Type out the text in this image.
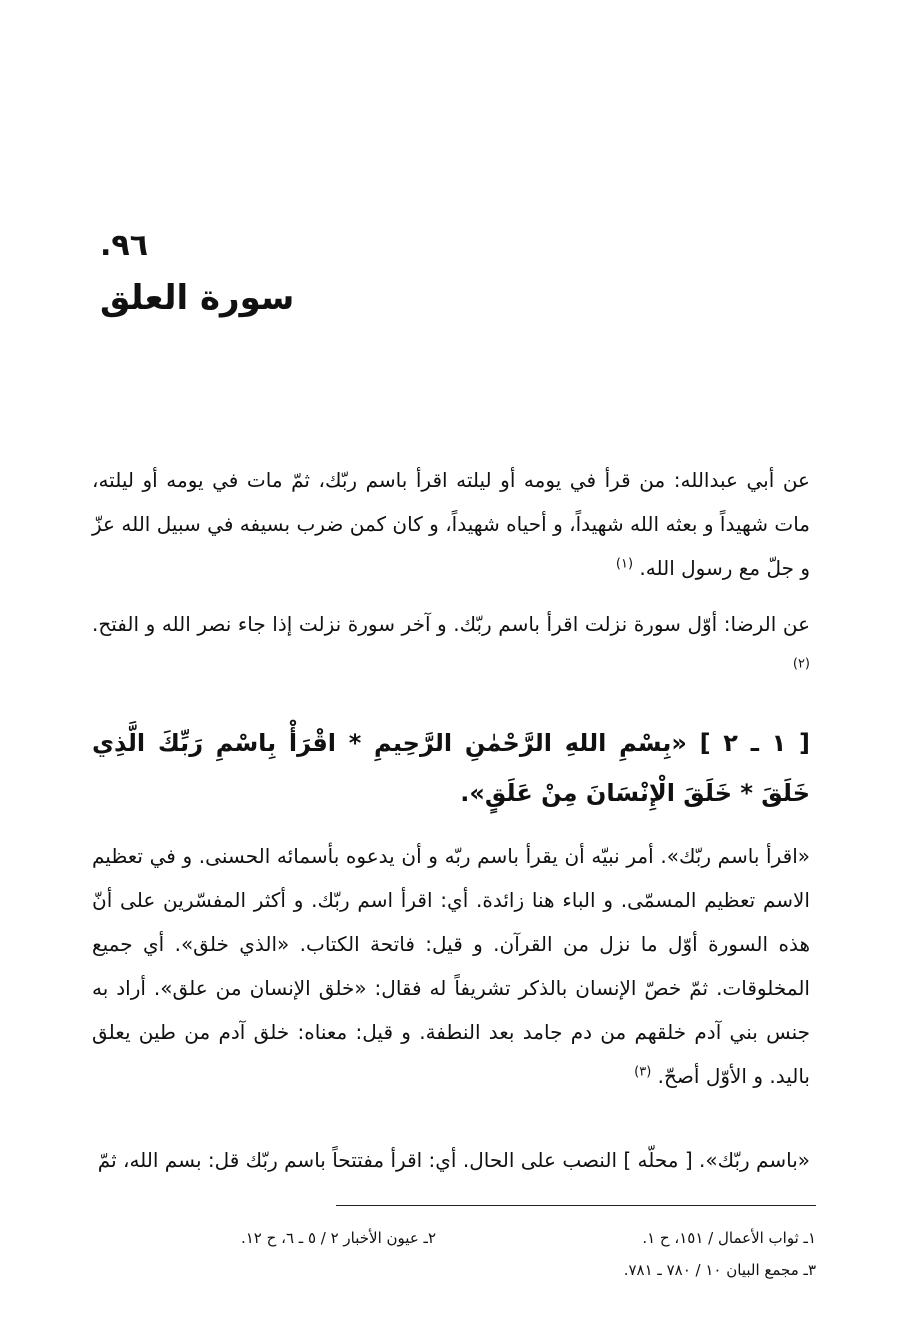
٩٦.
سورة العلق
عن أبي عبدالله: من قرأ في يومه أو ليلته اقرأ باسم ربّك، ثمّ مات في يومه أو ليلته، مات شهيداً و بعثه الله شهيداً، و أحياه شهيداً، و كان كمن ضرب بسيفه في سبيل الله عزّ و جلّ مع رسول الله. $^{(١)}$
عن الرضا: أوّل سورة نزلت اقرأ باسم ربّك. و آخر سورة نزلت إذا جاء نصر الله و الفتح. $^{(٢)}$
[ ١ ـ ٢ ] «بِسْمِ اللهِ الرَّحْمٰنِ الرَّحِيمِ * اقْرَأْ بِاسْمِ رَبِّكَ الَّذِي خَلَقَ * خَلَقَ الْإِنْسَانَ مِنْ عَلَقٍ».
«اقرأ باسم ربّك». أمر نبيّه أن يقرأ باسم ربّه و أن يدعوه بأسمائه الحسنى. و في تعظيم الاسم تعظيم المسمّى. و الباء هنا زائدة. أي: اقرأ اسم ربّك. و أكثر المفسّرين على أنّ هذه السورة أوّل ما نزل من القرآن. و قيل: فاتحة الكتاب. «الذي خلق». أي جميع المخلوقات. ثمّ خصّ الإنسان بالذكر تشريفاً له فقال: «خلق الإنسان من علق». أراد به جنس بني آدم خلقهم من دم جامد بعد النطفة. و قيل: معناه: خلق آدم من طين يعلق باليد. و الأوّل أصحّ. $^{(٣)}$
«باسم ربّك». [ محلّه ] النصب على الحال. أي: اقرأ مفتتحاً باسم ربّك قل: بسم الله، ثمّ
١ـ ثواب الأعمال / ١٥١، ح ١.
٢ـ عيون الأخبار ٢ / ٥ ـ ٦، ح ١٢.
٣ـ مجمع البيان ١٠ / ٧٨٠ ـ ٧٨١.
